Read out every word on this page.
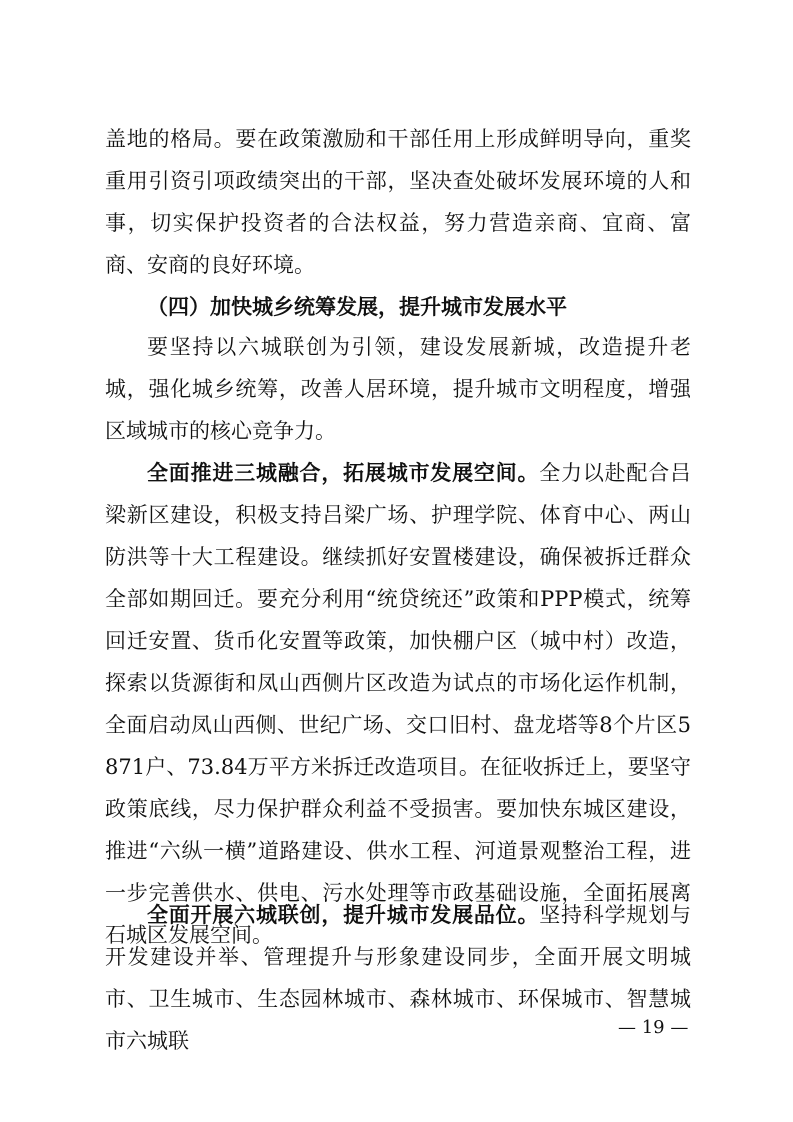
盖地的格局。要在政策激励和干部任用上形成鲜明导向，重奖重用引资引项政绩突出的干部，坚决查处破坏发展环境的人和事，切实保护投资者的合法权益，努力营造亲商、宜商、富商、安商的良好环境。

（四）加快城乡统筹发展，提升城市发展水平

要坚持以六城联创为引领，建设发展新城，改造提升老城，强化城乡统筹，改善人居环境，提升城市文明程度，增强区域城市的核心竞争力。

全面推进三城融合，拓展城市发展空间。全力以赴配合吕梁新区建设，积极支持吕梁广场、护理学院、体育中心、两山防洪等十大工程建设。继续抓好安置楼建设，确保被拆迁群众全部如期回迁。要充分利用“统贷统还”政策和PPP模式，统筹回迁安置、货币化安置等政策，加快棚户区（城中村）改造，探索以货源街和凤山西侧片区改造为试点的市场化运作机制，全面启动凤山西侧、世纪广场、交口旧村、盘龙塔等8个片区5871户、73.84万平方米拆迁改造项目。在征收拆迁上，要坚守政策底线，尽力保护群众利益不受损害。要加快东城区建设，推进“六纵一横”道路建设、供水工程、河道景观整治工程，进一步完善供水、供电、污水处理等市政基础设施，全面拓展离石城区发展空间。

全面开展六城联创，提升城市发展品位。坚持科学规划与开发建设并举、管理提升与形象建设同步，全面开展文明城市、卫生城市、生态园林城市、森林城市、环保城市、智慧城市六城联

— 19 —
